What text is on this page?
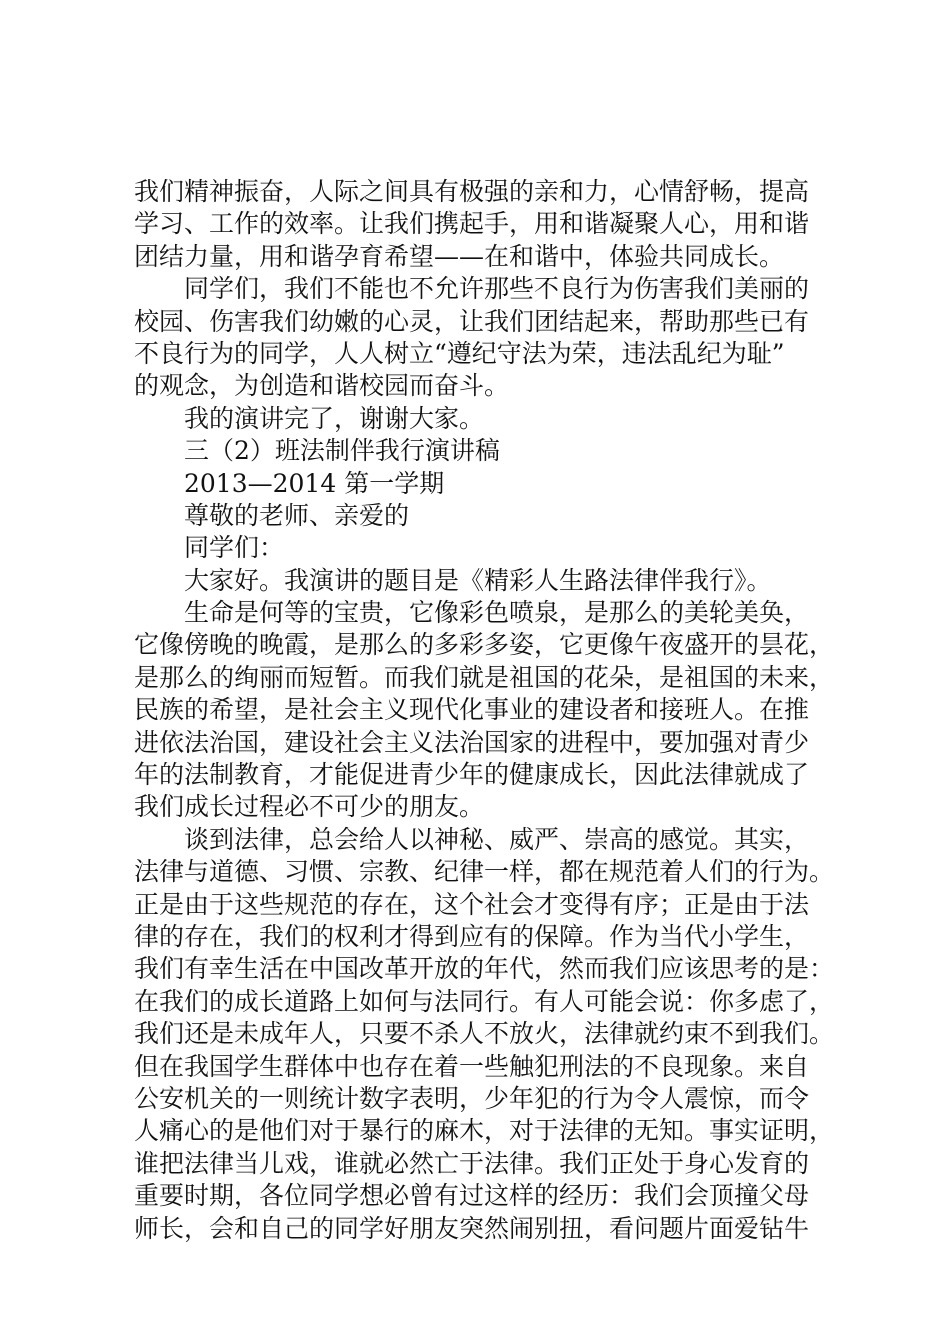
我们精神振奋，人际之间具有极强的亲和力，心情舒畅，提高
学习、工作的效率。让我们携起手，用和谐凝聚人心，用和谐
团结力量，用和谐孕育希望——在和谐中，体验共同成长。
同学们，我们不能也不允许那些不良行为伤害我们美丽的
校园、伤害我们幼嫩的心灵，让我们团结起来，帮助那些已有
不良行为的同学，人人树立“遵纪守法为荣，违法乱纪为耻”
的观念，为创造和谐校园而奋斗。
我的演讲完了，谢谢大家。
三（2）班法制伴我行演讲稿
2013—2014 第一学期
尊敬的老师、亲爱的
同学们：
大家好。我演讲的题目是《精彩人生路法律伴我行》。
生命是何等的宝贵，它像彩色喷泉，是那么的美轮美奂，
它像傍晚的晚霞，是那么的多彩多姿，它更像午夜盛开的昙花，
是那么的绚丽而短暂。而我们就是祖国的花朵，是祖国的未来，
民族的希望，是社会主义现代化事业的建设者和接班人。在推
进依法治国，建设社会主义法治国家的进程中，要加强对青少
年的法制教育，才能促进青少年的健康成长，因此法律就成了
我们成长过程必不可少的朋友。
谈到法律，总会给人以神秘、威严、崇高的感觉。其实，
法律与道德、习惯、宗教、纪律一样，都在规范着人们的行为。
正是由于这些规范的存在，这个社会才变得有序；正是由于法
律的存在，我们的权利才得到应有的保障。作为当代小学生，
我们有幸生活在中国改革开放的年代，然而我们应该思考的是：
在我们的成长道路上如何与法同行。有人可能会说：你多虑了，
我们还是未成年人，只要不杀人不放火，法律就约束不到我们。
但在我国学生群体中也存在着一些触犯刑法的不良现象。来自
公安机关的一则统计数字表明，少年犯的行为令人震惊，而令
人痛心的是他们对于暴行的麻木，对于法律的无知。事实证明，
谁把法律当儿戏，谁就必然亡于法律。我们正处于身心发育的
重要时期，各位同学想必曾有过这样的经历：我们会顶撞父母
师长，会和自己的同学好朋友突然闹别扭，看问题片面爱钻牛
